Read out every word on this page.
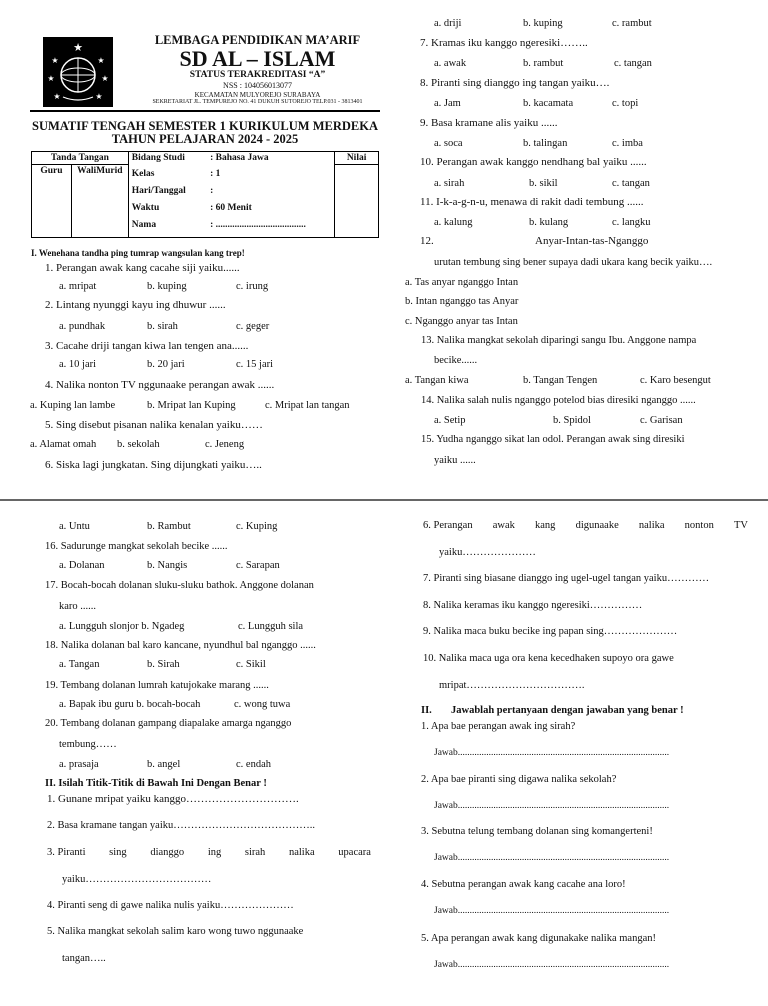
★
★	★
★	★
★	★
LEMBAGA PENDIDIKAN MA’ARIF
SD AL – ISLAM
STATUS TERAKREDITASI “A”
NSS : 104056013077
KECAMATAN MULYOREJO SURABAYA
SEKRETARIAT JL. TEMPUREJO NO. 41 DUKUH SUTOREJO TELP.031 - 3813401
SUMATIF TENGAH SEMESTER 1 KURIKULUM MERDEKA
TAHUN PELAJARAN 2024 - 2025
Tanda Tangan		Bidang Studi	: Bahasa Jawa	Nilai
Guru	WaliMurid	Kelas	: 1	
		Hari/Tanggal	:	
		Waktu	: 60 Menit	
		Nama	: ......................................	

I. Wenehana tandha ping tumrap wangsulan kang trep!
1. Perangan awak kang cacahe siji yaiku......
a. mripat	b. kuping	c. irung
2. Lintang nyunggi kayu ing dhuwur ......
a. pundhak	b. sirah	c. geger
3. Cacahe driji tangan kiwa lan tengen ana......
a. 10 jari	b. 20 jari	c. 15 jari
4. Nalika nonton TV nggunaake perangan awak ......
a. Kuping lan lambe	b. Mripat lan Kuping	c. Mripat lan tangan
5. Sing disebut pisanan nalika kenalan yaiku……
a. Alamat omah b. sekolah	c. Jeneng
6. Siska lagi jungkatan. Sing dijungkati yaiku…..
a. driji	b. kuping	c. rambut
7. Kramas iku kanggo ngeresiki……..
a. awak	b. rambut	c. tangan
8. Piranti sing dianggo ing tangan yaiku….
a. Jam	b. kacamata	c. topi
9. Basa kramane alis yaiku ......
a. soca	b. talingan	c. imba
10. Perangan awak kanggo nendhang bal yaiku ......
a. sirah	b. sikil	c. tangan
11. I-k-a-g-n-u, menawa di rakit dadi tembung ......
a. kalung	b. kulang	c. langku
12.	Anyar-Intan-tas-Nganggo
urutan tembung sing bener supaya dadi ukara kang becik yaiku….
a. Tas anyar nganggo Intan
b. Intan nganggo tas Anyar
c. Nganggo anyar tas Intan
13. Nalika mangkat sekolah diparingi sangu Ibu. Anggone nampa
becike......
a. Tangan kiwa	b. Tangan Tengen	c. Karo besengut
14. Nalika salah nulis nganggo potelod bias diresiki nganggo ......
a. Setip	b. Spidol	c. Garisan
15. Yudha nganggo sikat lan odol. Perangan awak sing diresiki
yaiku ......
a. Untu	b. Rambut	c. Kuping
16. Sadurunge mangkat sekolah becike ......
a. Dolanan	b. Nangis	c. Sarapan
17. Bocah-bocah dolanan sluku-sluku bathok. Anggone dolanan
karo ......
a. Lungguh slonjor b. Ngadeg	c. Lungguh sila
18. Nalika dolanan bal karo kancane, nyundhul bal nganggo ......
a. Tangan	b. Sirah	c. Sikil
19. Tembang dolanan lumrah katujokake marang ......
a. Bapak ibu guru b. bocah-bocah	c. wong tuwa
20. Tembang dolanan gampang diapalake amarga nganggo
tembung……
a. prasaja	b. angel	c. endah
II. Isilah Titik-Titik di Bawah Ini Dengan Benar !
1. Gunane mripat yaiku kanggo………………………….
2. Basa kramane tangan yaiku…………………………………..
3. Piranti sing dianggo ing sirah nalika upacara
yaiku………………………………
4. Piranti seng di gawe nalika nulis yaiku…………………
5. Nalika mangkat sekolah salim karo wong tuwo nggunaake
tangan…..
6. Perangan awak kang digunaake nalika nonton TV
yaiku…………………
7. Piranti sing biasane dianggo ing ugel-ugel tangan yaiku…………
8. Nalika keramas iku kanggo ngeresiki……………
9. Nalika maca buku becike ing papan sing…………………
10. Nalika maca uga ora kena kecedhaken supoyo ora gawe
mripat…………………………….
II. Jawablah pertanyaan dengan jawaban yang benar !
1. Apa bae perangan awak ing sirah?
Jawab.........................................................................................
2. Apa bae piranti sing digawa nalika sekolah?
Jawab.........................................................................................
3. Sebutna telung tembang dolanan sing komangerteni!
Jawab.........................................................................................
4. Sebutna perangan awak kang cacahe ana loro!
Jawab.........................................................................................
5. Apa perangan awak kang digunakake nalika mangan!
Jawab.........................................................................................
